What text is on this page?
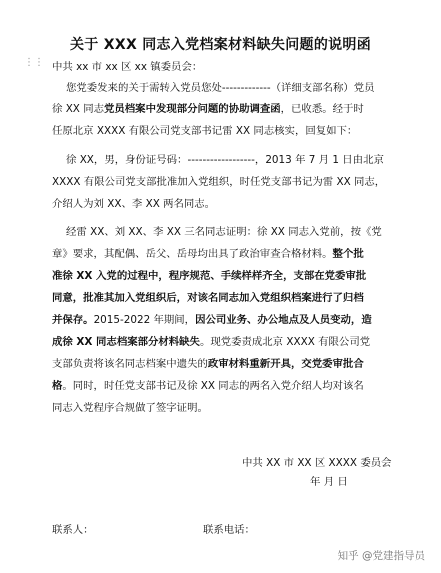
关于 XXX 同志入党档案材料缺失问题的说明函
⋮⋮ 中共 xx 市 xx 区 xx 镇委员会：
您党委发来的关于需转入党员您处-------------（详细支部名称）党员
徐 XX 同志党员档案中发现部分问题的协助调查函，已收悉。经于时
任原北京 XXXX 有限公司党支部书记雷 XX 同志核实，回复如下：
徐 XX，男，身份证号码：------------------，2013 年 7 月 1 日由北京
XXXX 有限公司党支部批准加入党组织，时任党支部书记为雷 XX 同志，
介绍人为刘 XX、李 XX 两名同志。
经雷 XX、刘 XX、李 XX 三名同志证明：徐 XX 同志入党前，按《党
章》要求，其配偶、岳父、岳母均出具了政治审查合格材料。整个批
准徐 XX 入党的过程中，程序规范、手续样样齐全，支部在党委审批
同意，批准其加入党组织后，对该名同志加入党组织档案进行了归档
并保存。2015-2022 年期间，因公司业务、办公地点及人员变动，造
成徐 XX 同志档案部分材料缺失。现党委责成北京 XXXX 有限公司党
支部负责将该名同志档案中遗失的政审材料重新开具，交党委审批合
格。同时，时任党支部书记及徐 XX 同志的两名入党介绍人均对该名
同志入党程序合规做了签字证明。
中共 XX 市 XX 区 XXXX 委员会
年 月 日
联系人：	联系电话：
知乎 @党建指导员
